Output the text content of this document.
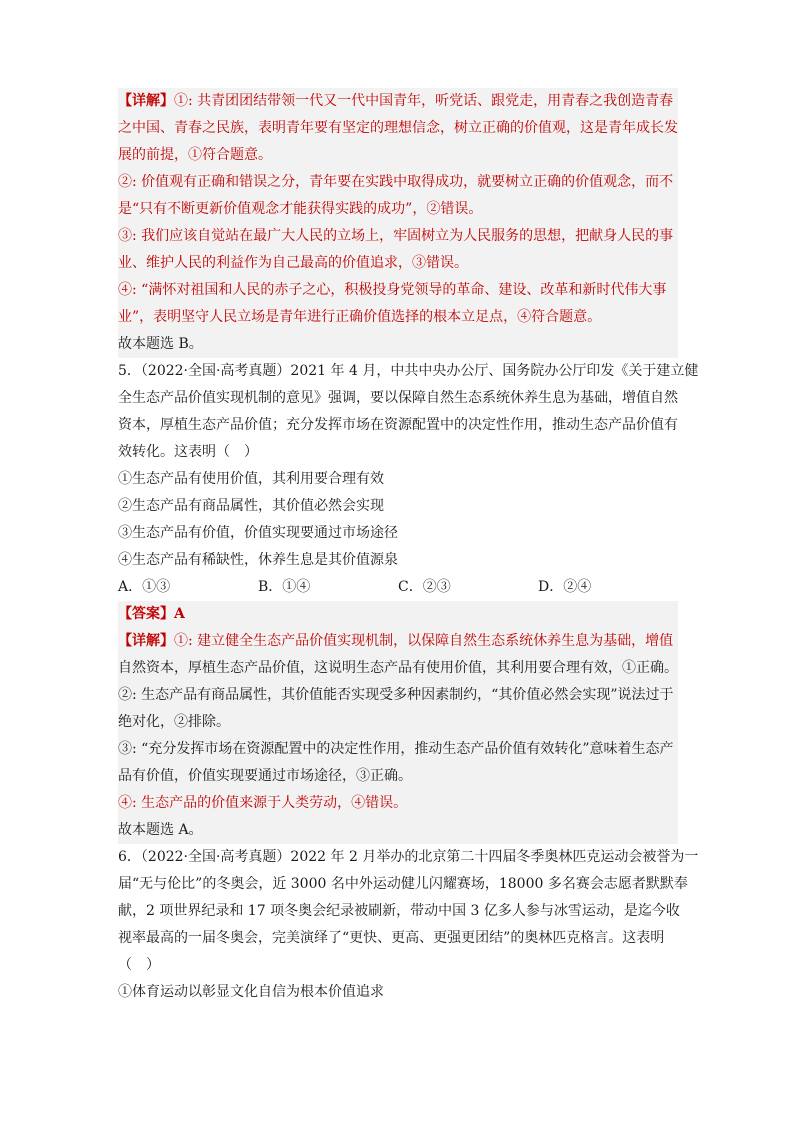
【详解】①: 共青团团结带领一代又一代中国青年，听党话、跟党走，用青春之我创造青春
之中国、青春之民族，表明青年要有坚定的理想信念，树立正确的价值观，这是青年成长发
展的前提，①符合题意。
②: 价值观有正确和错误之分，青年要在实践中取得成功，就要树立正确的价值观念，而不
是“只有不断更新价值观念才能获得实践的成功”，②错误。
③: 我们应该自觉站在最广大人民的立场上，牢固树立为人民服务的思想，把献身人民的事
业、维护人民的利益作为自己最高的价值追求，③错误。
④: “满怀对祖国和人民的赤子之心，积极投身党领导的革命、建设、改革和新时代伟大事
业”，表明坚守人民立场是青年进行正确价值选择的根本立足点，④符合题意。
故本题选 B。
5．（2022·全国·高考真题）2021 年 4 月，中共中央办公厅、国务院办公厅印发《关于建立健
全生态产品价值实现机制的意见》强调，要以保障自然生态系统休养生息为基础，增值自然
资本，厚植生态产品价值；充分发挥市场在资源配置中的决定性作用，推动生态产品价值有
效转化。这表明（　）
①生态产品有使用价值，其利用要合理有效
②生态产品有商品属性，其价值必然会实现
③生态产品有价值，价值实现要通过市场途径
④生态产品有稀缺性，休养生息是其价值源泉
A．①③	B．①④	C．②③	D．②④
【答案】A
【详解】①: 建立健全生态产品价值实现机制，以保障自然生态系统休养生息为基础，增值
自然资本，厚植生态产品价值，这说明生态产品有使用价值，其利用要合理有效，①正确。
②: 生态产品有商品属性，其价值能否实现受多种因素制约，“其价值必然会实现”说法过于
绝对化，②排除。
③: “充分发挥市场在资源配置中的决定性作用，推动生态产品价值有效转化”意味着生态产
品有价值，价值实现要通过市场途径，③正确。
④: 生态产品的价值来源于人类劳动，④错误。
故本题选 A。
6．（2022·全国·高考真题）2022 年 2 月举办的北京第二十四届冬季奥林匹克运动会被誉为一
届“无与伦比”的冬奥会，近 3000 名中外运动健儿闪耀赛场，18000 多名赛会志愿者默默奉
献，2 项世界纪录和 17 项冬奥会纪录被刷新，带动中国 3 亿多人参与冰雪运动，是迄今收
视率最高的一届冬奥会，完美演绎了“更快、更高、更强更团结”的奥林匹克格言。这表明
（　）
①体育运动以彰显文化自信为根本价值追求
